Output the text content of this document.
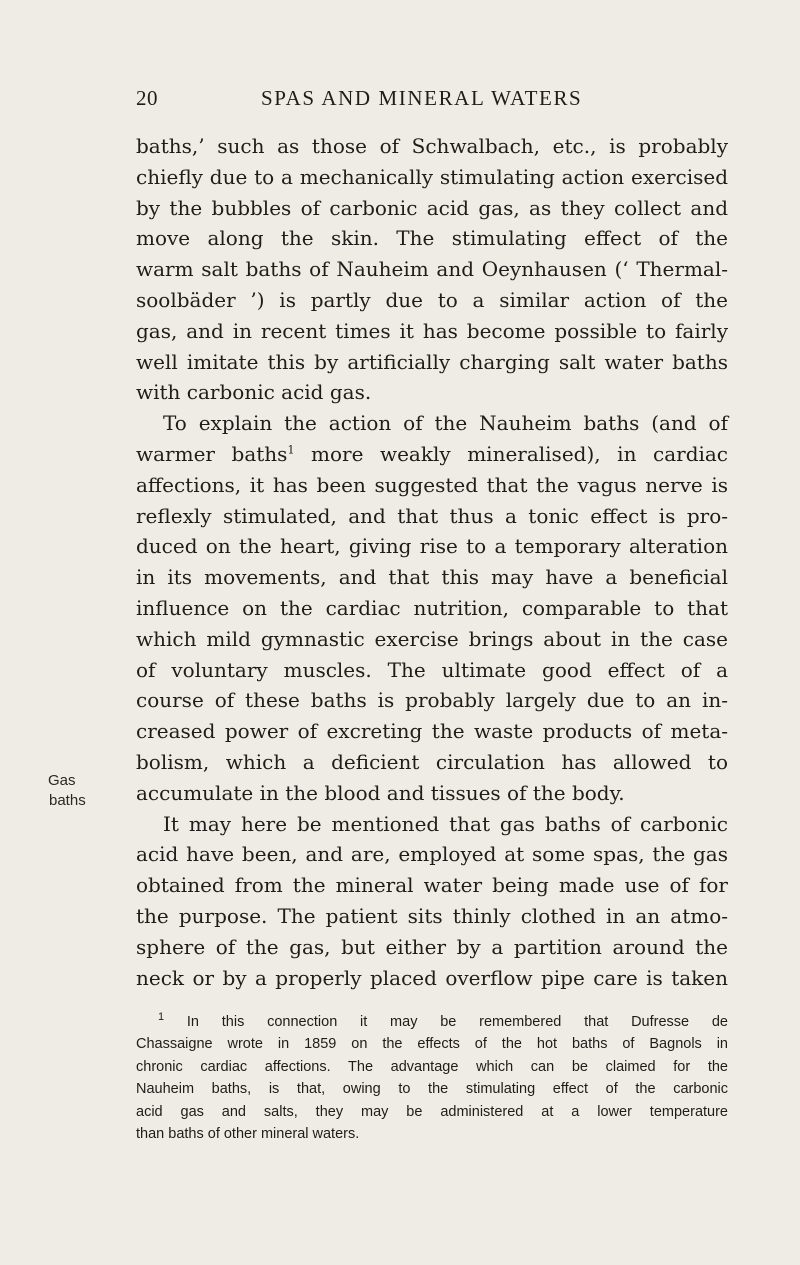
20	SPAS AND MINERAL WATERS
Gas
baths
baths,’ such as those of Schwalbach, etc., is probably
chiefly due to a mechanically stimulating action exercised
by the bubbles of carbonic acid gas, as they collect and
move along the skin. The stimulating effect of the
warm salt baths of Nauheim and Oeynhausen (‘ Thermal-
soolbäder ’) is partly due to a similar action of the
gas, and in recent times it has become possible to fairly
well imitate this by artificially charging salt water baths
with carbonic acid gas.
To explain the action of the Nauheim baths (and of
warmer baths$^1$ more weakly mineralised), in cardiac
affections, it has been suggested that the vagus nerve is
reflexly stimulated, and that thus a tonic effect is pro-
duced on the heart, giving rise to a temporary alteration
in its movements, and that this may have a beneficial
influence on the cardiac nutrition, comparable to that
which mild gymnastic exercise brings about in the case
of voluntary muscles. The ultimate good effect of a
course of these baths is probably largely due to an in-
creased power of excreting the waste products of meta-
bolism, which a deficient circulation has allowed to
accumulate in the blood and tissues of the body.
It may here be mentioned that gas baths of carbonic
acid have been, and are, employed at some spas, the gas
obtained from the mineral water being made use of for
the purpose. The patient sits thinly clothed in an atmo-
sphere of the gas, but either by a partition around the
neck or by a properly placed overflow pipe care is taken
$^1$ In this connection it may be remembered that Dufresse de
Chassaigne wrote in 1859 on the effects of the hot baths of Bagnols in
chronic cardiac affections. The advantage which can be claimed for the
Nauheim baths, is that, owing to the stimulating effect of the carbonic
acid gas and salts, they may be administered at a lower temperature
than baths of other mineral waters.
